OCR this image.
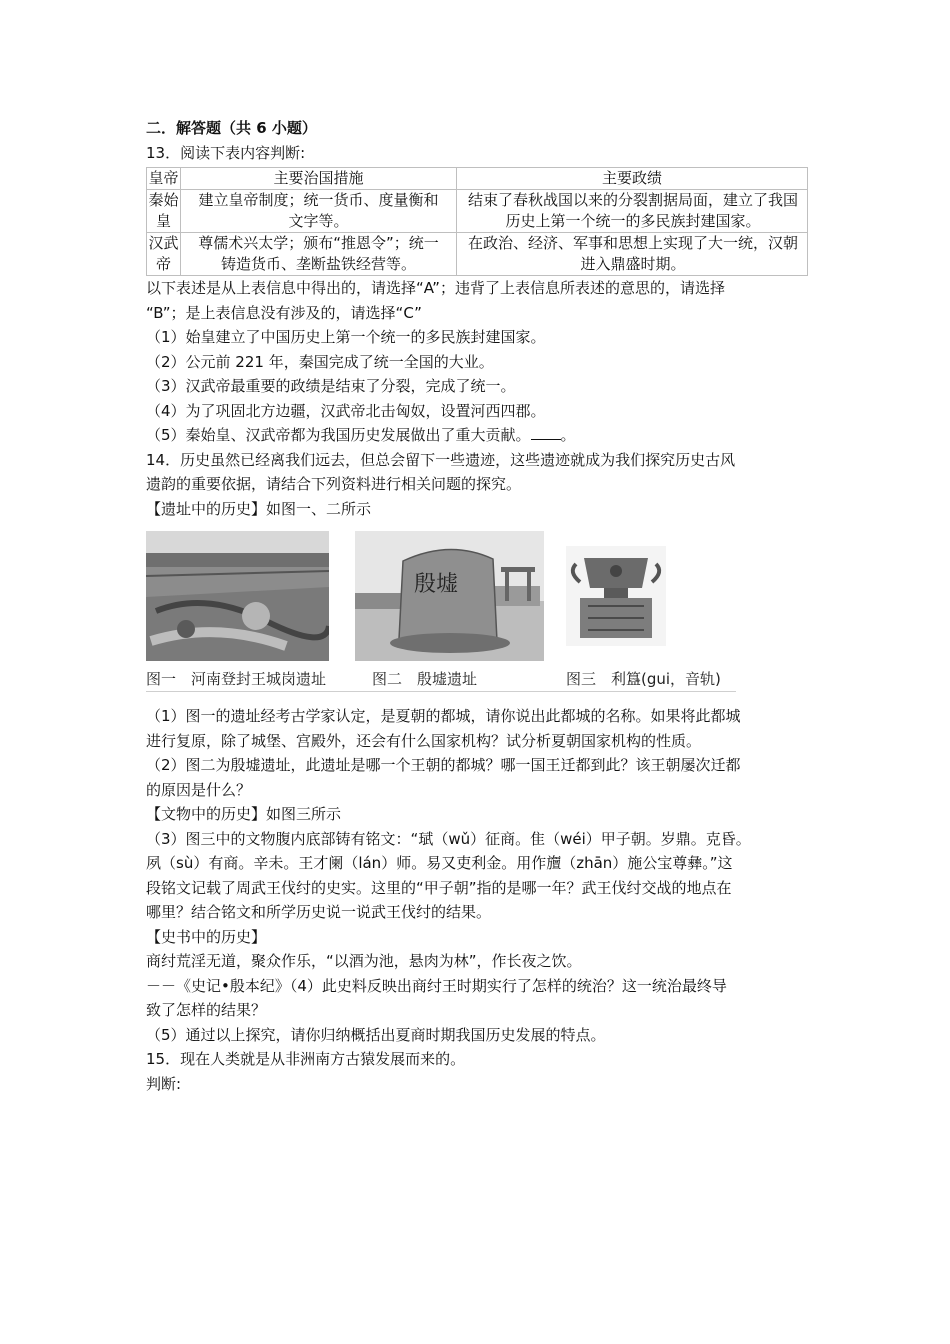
二．解答题（共 6 小题）
13．阅读下表内容判断:
皇帝	主要治国措施	主要政绩
秦始皇	建立皇帝制度；统一货币、度量衡和文字等。	结束了春秋战国以来的分裂割据局面，建立了我国历史上第一个统一的多民族封建国家。
汉武帝	尊儒术兴太学；颁布“推恩令”；统一铸造货币、垄断盐铁经营等。	在政治、经济、军事和思想上实现了大一统，汉朝进入鼎盛时期。
以下表述是从上表信息中得出的，请选择“A”；违背了上表信息所表述的意思的，请选择
“B”；是上表信息没有涉及的，请选择“C”
（1）始皇建立了中国历史上第一个统一的多民族封建国家。
（2）公元前 221 年，秦国完成了统一全国的大业。
（3）汉武帝最重要的政绩是结束了分裂，完成了统一。
（4）为了巩固北方边疆，汉武帝北击匈奴，设置河西四郡。
（5）秦始皇、汉武帝都为我国历史发展做出了重大贡献。 。
14．历史虽然已经离我们远去，但总会留下一些遗迹，这些遗迹就成为我们探究历史古风
遗韵的重要依据，请结合下列资料进行相关问题的探究。
【遗址中的历史】如图一、二所示
殷墟
图一　河南登封王城岗遗址	图二　殷墟遗址	图三　利簋(gui，音轨)
（1）图一的遗址经考古学家认定，是夏朝的都城，请你说出此都城的名称。如果将此都城
进行复原，除了城堡、宫殿外，还会有什么国家机构？试分析夏朝国家机构的性质。
（2）图二为殷墟遗址，此遗址是哪一个王朝的都城？哪一国王迁都到此？该王朝屡次迁都
的原因是什么？
【文物中的历史】如图三所示
（3）图三中的文物腹内底部铸有铭文：“珷（wǔ）征商。隹（wéi）甲子朝。岁鼎。克昏。
夙（sù）有商。辛未。王才阑（lán）师。易又吏利金。用作旜（zhān）施公宝尊彝。”这
段铭文记载了周武王伐纣的史实。这里的“甲子朝”指的是哪一年？武王伐纣交战的地点在
哪里？结合铭文和所学历史说一说武王伐纣的结果。
【史书中的历史】
商纣荒淫无道，聚众作乐，“以酒为池，悬肉为林”，作长夜之饮。
－－《史记•殷本纪》（4）此史料反映出商纣王时期实行了怎样的统治？这一统治最终导
致了怎样的结果？
（5）通过以上探究，请你归纳概括出夏商时期我国历史发展的特点。
15．现在人类就是从非洲南方古猿发展而来的。
判断:
